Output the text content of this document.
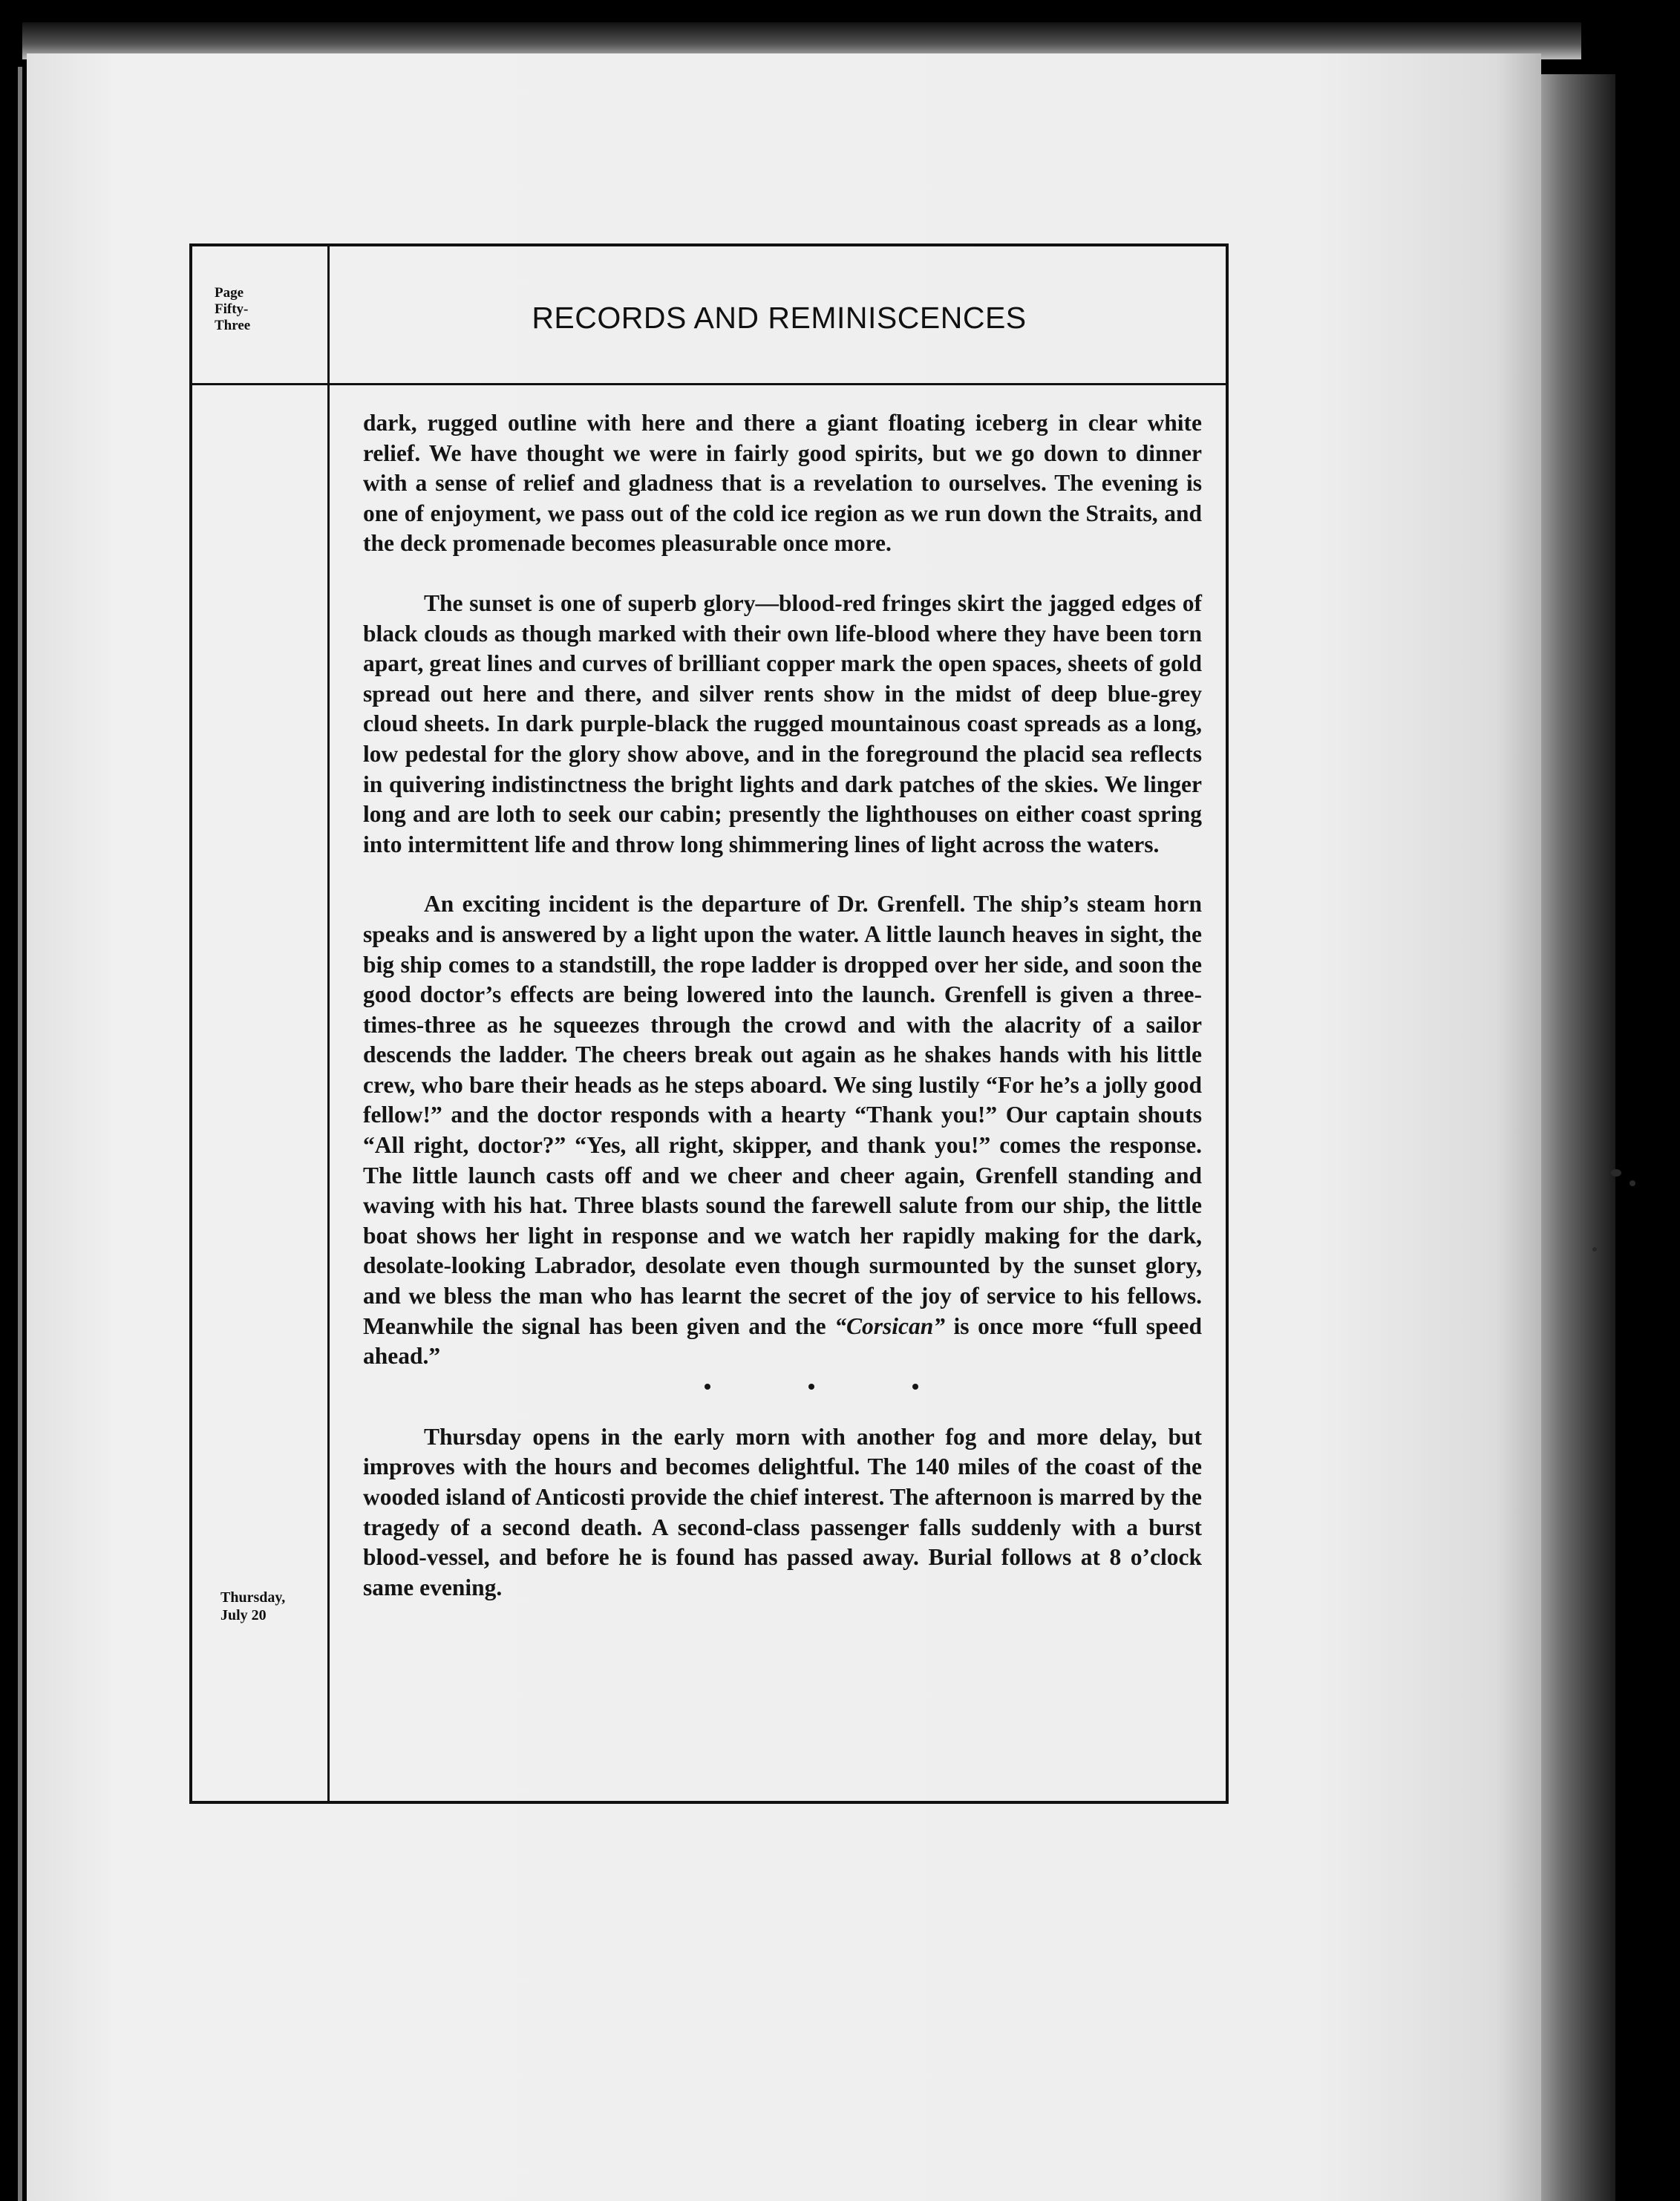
Page
Fifty-
Three	RECORDS AND REMINISCENCES
Thursday,
July 20

dark, rugged outline with here and there a giant floating iceberg in clear white relief. We have thought we were in fairly good spirits, but we go down to dinner with a sense of relief and gladness that is a revelation to ourselves. The evening is one of enjoyment, we pass out of the cold ice region as we run down the Straits, and the deck promenade becomes pleasurable once more.

The sunset is one of superb glory—blood-red fringes skirt the jagged edges of black clouds as though marked with their own life-blood where they have been torn apart, great lines and curves of brilliant copper mark the open spaces, sheets of gold spread out here and there, and silver rents show in the midst of deep blue-grey cloud sheets. In dark purple-black the rugged mountainous coast spreads as a long, low pedestal for the glory show above, and in the foreground the placid sea reflects in quivering indistinctness the bright lights and dark patches of the skies. We linger long and are loth to seek our cabin; presently the lighthouses on either coast spring into intermittent life and throw long shimmering lines of light across the waters.

An exciting incident is the departure of Dr. Grenfell. The ship’s steam horn speaks and is answered by a light upon the water. A little launch heaves in sight, the big ship comes to a standstill, the rope ladder is dropped over her side, and soon the good doctor’s effects are being lowered into the launch. Grenfell is given a three-times-three as he squeezes through the crowd and with the alacrity of a sailor descends the ladder. The cheers break out again as he shakes hands with his little crew, who bare their heads as he steps aboard. We sing lustily “For he’s a jolly good fellow!” and the doctor responds with a hearty “Thank you!” Our captain shouts “All right, doctor?” “Yes, all right, skipper, and thank you!” comes the response. The little launch casts off and we cheer and cheer again, Grenfell standing and waving with his hat. Three blasts sound the farewell salute from our ship, the little boat shows her light in response and we watch her rapidly making for the dark, desolate-looking Labrador, desolate even though surmounted by the sunset glory, and we bless the man who has learnt the secret of the joy of service to his fellows. Meanwhile the signal has been given and the “Corsican” is once more “full speed ahead.”

Thursday opens in the early morn with another fog and more delay, but improves with the hours and becomes delightful. The 140 miles of the coast of the wooded island of Anticosti provide the chief interest. The afternoon is marred by the tragedy of a second death. A second-class passenger falls suddenly with a burst blood-vessel, and before he is found has passed away. Burial follows at 8 o’clock same evening.
